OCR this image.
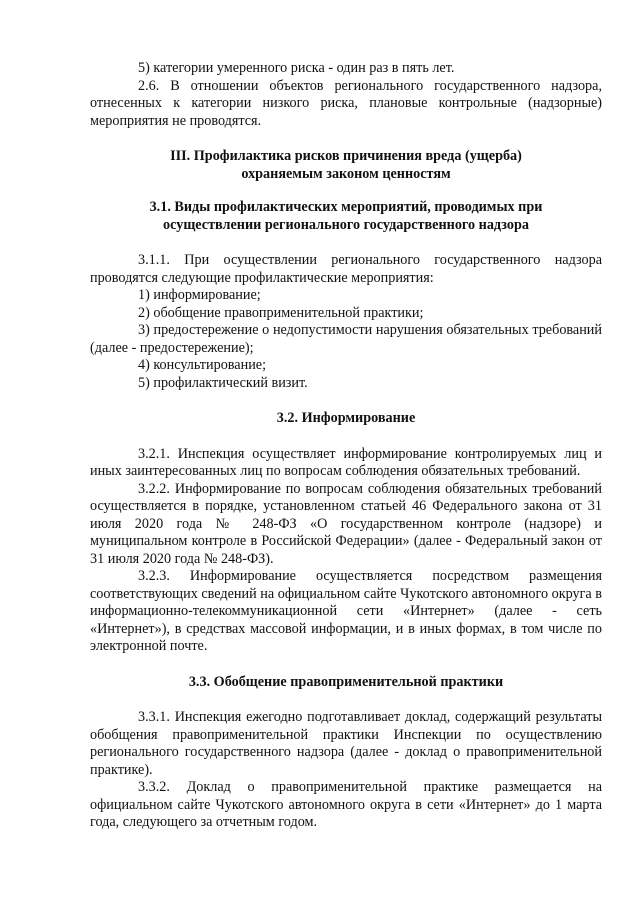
5) категории умеренного риска - один раз в пять лет.

2.6. В отношении объектов регионального государственного надзора, отнесенных к категории низкого риска, плановые контрольные (надзорные) мероприятия не проводятся.

III. Профилактика рисков причинения вреда (ущерба)
охраняемым законом ценностям
3.1. Виды профилактических мероприятий, проводимых при
осуществлении регионального государственного надзора

3.1.1. При осуществлении регионального государственного надзора проводятся следующие профилактические мероприятия:

1) информирование;

2) обобщение правоприменительной практики;

3) предостережение о недопустимости нарушения обязательных требований (далее - предостережение);

4) консультирование;

5) профилактический визит.

3.2. Информирование

3.2.1. Инспекция осуществляет информирование контролируемых лиц и иных заинтересованных лиц по вопросам соблюдения обязательных требований.

3.2.2. Информирование по вопросам соблюдения обязательных требований осуществляется в порядке, установленном статьей 46 Федерального закона от 31 июля 2020 года № 248-ФЗ «О государственном контроле (надзоре) и муниципальном контроле в Российской Федерации» (далее - Федеральный закон от 31 июля 2020 года № 248-ФЗ).

3.2.3. Информирование осуществляется посредством размещения соответствующих сведений на официальном сайте Чукотского автономного округа в информационно-телекоммуникационной сети «Интернет» (далее - сеть «Интернет»), в средствах массовой информации, и в иных формах, в том числе по электронной почте.

3.3. Обобщение правоприменительной практики

3.3.1. Инспекция ежегодно подготавливает доклад, содержащий результаты обобщения правоприменительной практики Инспекции по осуществлению регионального государственного надзора (далее - доклад о правоприменительной практике).

3.3.2. Доклад о правоприменительной практике размещается на официальном сайте Чукотского автономного округа в сети «Интернет» до 1 марта года, следующего за отчетным годом.
